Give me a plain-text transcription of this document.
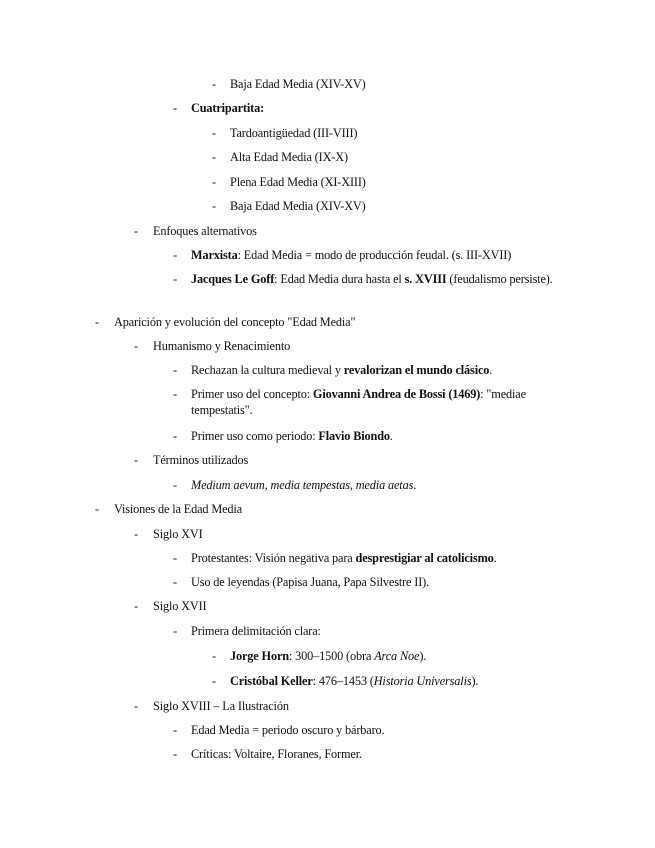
- Baja Edad Media (XIV-XV)
- Cuatripartita:
- Tardoantigüedad (III-VIII)
- Alta Edad Media (IX-X)
- Plena Edad Media (XI-XIII)
- Baja Edad Media (XIV-XV)
- Enfoques alternativos
- Marxista: Edad Media = modo de producción feudal. (s. III-XVII)
- Jacques Le Goff: Edad Media dura hasta el s. XVIII (feudalismo persiste).
- Aparición y evolución del concepto "Edad Media"
- Humanismo y Renacimiento
- Rechazan la cultura medieval y revalorizan el mundo clásico.
- Primer uso del concepto: Giovanni Andrea de Bossi (1469): "mediae tempestatis".
- Primer uso como periodo: Flavio Biondo.
- Términos utilizados
- Medium aevum, media tempestas, media aetas.
- Visiones de la Edad Media
- Siglo XVI
- Protestantes: Visión negativa para desprestigiar al catolicismo.
- Uso de leyendas (Papisa Juana, Papa Silvestre II).
- Siglo XVII
- Primera delimitación clara:
- Jorge Horn: 300–1500 (obra Arca Noe).
- Cristóbal Keller: 476–1453 (Historia Universalis).
- Siglo XVIII – La Ilustración
- Edad Media = periodo oscuro y bárbaro.
- Críticas: Voltaire, Floranes, Former.
